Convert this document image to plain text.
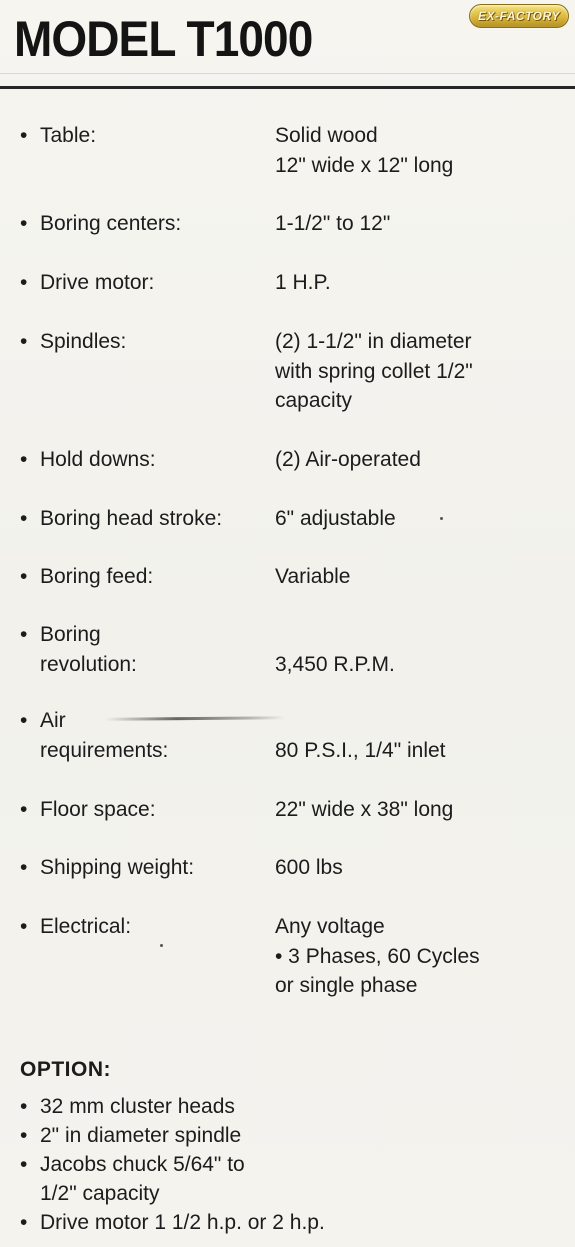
MODEL T1000	EX-FACTORY
• Table:	Solid wood
12" wide x 12" long
• Boring centers:	1-1/2" to 12"
• Drive motor:	1 H.P.
• Spindles:	(2) 1-1/2" in diameter
with spring collet 1/2"
capacity
• Hold downs:	(2) Air-operated
• Boring head stroke:	6" adjustable
• Boring feed:	Variable
• Boring
revolution:	3,450 R.P.M.
• Air
requirements:	80 P.S.I., 1/4" inlet
• Floor space:	22" wide x 38" long
• Shipping weight:	600 lbs
• Electrical:	Any voltage
• 3 Phases, 60 Cycles
or single phase
OPTION:
• 32 mm cluster heads
• 2" in diameter spindle
• Jacobs chuck 5/64" to
1/2" capacity
• Drive motor 1 1/2 h.p. or 2 h.p.
